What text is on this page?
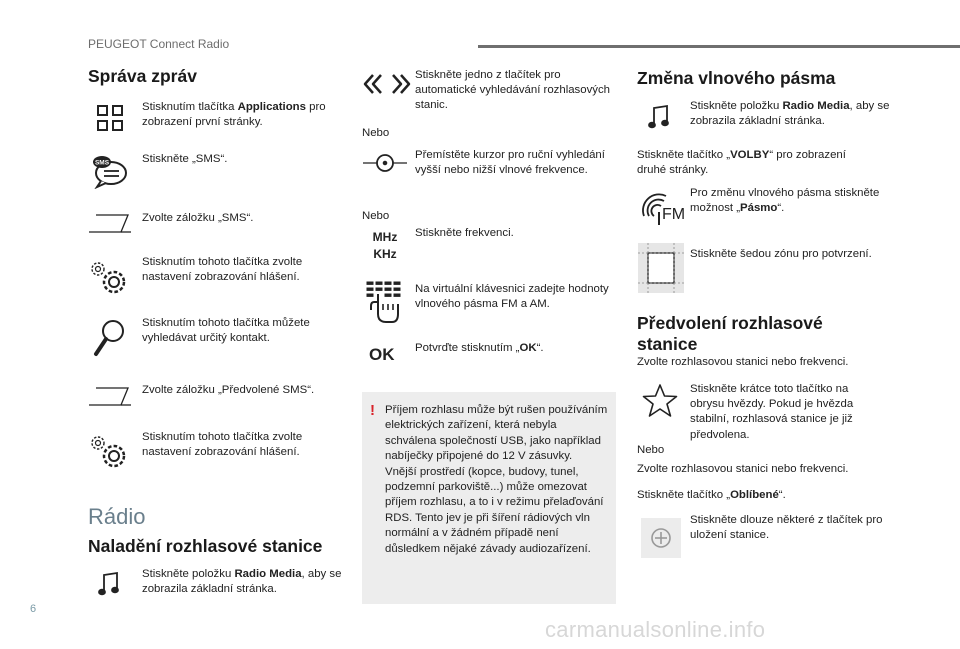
PEUGEOT Connect Radio
Správa zpráv
Stisknutím tlačítka Applications pro zobrazení první stránky.
SMS	Stiskněte „SMS“.
Zvolte záložku „SMS“.
Stisknutím tohoto tlačítka zvolte nastavení zobrazování hlášení.
Stisknutím tohoto tlačítka můžete vyhledávat určitý kontakt.
Zvolte záložku „Předvolené SMS“.
Stisknutím tohoto tlačítka zvolte nastavení zobrazování hlášení.
Rádio
Naladění rozhlasové stanice
Stiskněte položku Radio Media, aby se zobrazila základní stránka.
Stiskněte jedno z tlačítek pro automatické vyhledávání rozhlasových stanic.
Nebo
Přemístěte kurzor pro ruční vyhledání vyšší nebo nižší vlnové frekvence.
Nebo
MHz
KHz
Stiskněte frekvenci.
Na virtuální klávesnici zadejte hodnoty vlnového pásma FM a AM.
OK Potvrďte stisknutím „OK“.
! Příjem rozhlasu může být rušen používáním elektrických zařízení, která nebyla schválena společností USB, jako například nabíječky připojené do 12 V zásuvky.
Vnější prostředí (kopce, budovy, tunel, podzemní parkoviště...) může omezovat příjem rozhlasu, a to i v režimu přelaďování RDS. Tento jev je při šíření rádiových vln normální a v žádném případě není důsledkem nějaké závady audiozařízení.
Změna vlnového pásma
Stiskněte položku Radio Media, aby se zobrazila základní stránka.
Stiskněte tlačítko „VOLBY“ pro zobrazení druhé stránky.
FM
Pro změnu vlnového pásma stiskněte možnost „Pásmo“.
Stiskněte šedou zónu pro potvrzení.
Předvolení rozhlasové
stanice
Zvolte rozhlasovou stanici nebo frekvenci.
Stiskněte krátce toto tlačítko na obrysu hvězdy. Pokud je hvězda stabilní, rozhlasová stanice je již předvolena.
Nebo
Zvolte rozhlasovou stanici nebo frekvenci.
Stiskněte tlačítko „Oblíbené“.
Stiskněte dlouze některé z tlačítek pro uložení stanice.
6
carmanualsonline.info
